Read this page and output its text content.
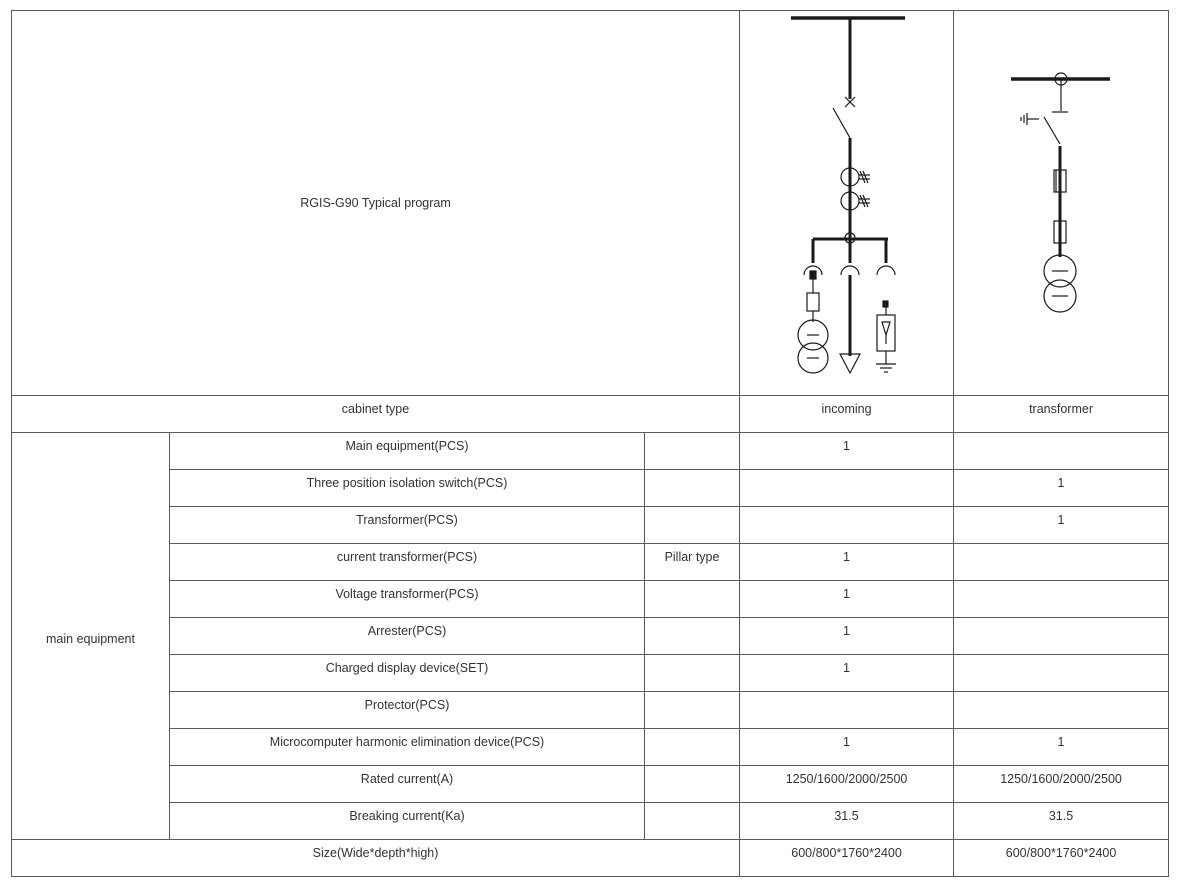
RGIS-G90 Typical program	

cabinet type			incoming	transformer
main equipment	Main equipment(PCS)		1	
	Three position isolation switch(PCS)			1
	Transformer(PCS)			1
	current transformer(PCS)	Pillar type	1	
	Voltage transformer(PCS)		1	
	Arrester(PCS)		1	
	Charged display device(SET)		1	
	Protector(PCS)			
	Microcomputer harmonic elimination device(PCS)		1	1
	Rated current(A)		1250/1600/2000/2500	1250/1600/2000/2500
	Breaking current(Ka)		31.5	31.5
Size(Wide*depth*high)			600/800*1760*2400	600/800*1760*2400
